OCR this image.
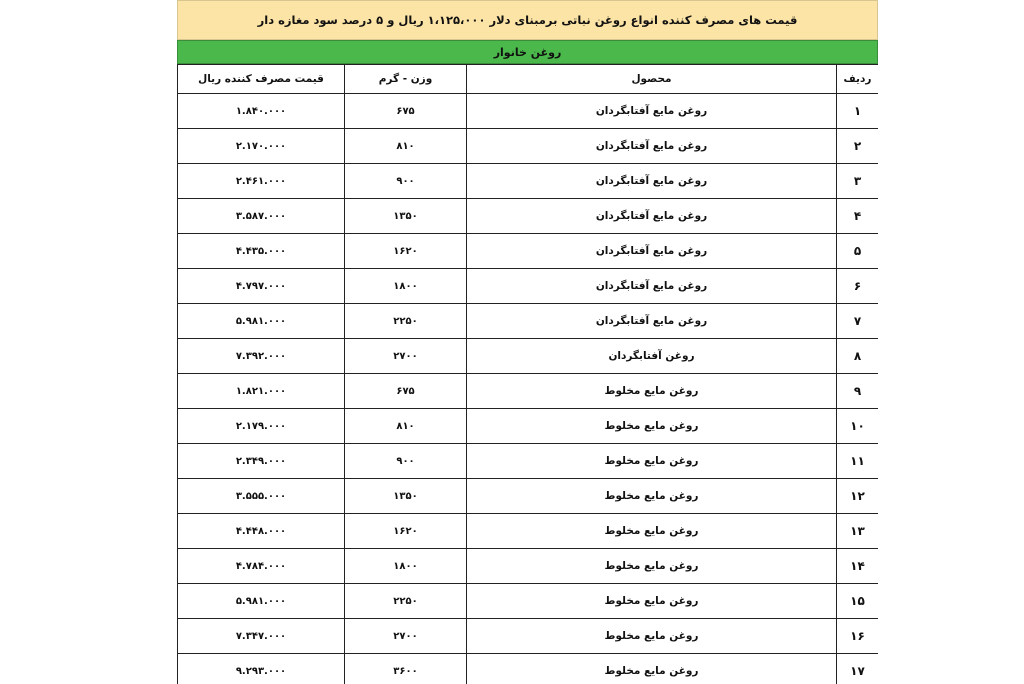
قیمت های مصرف کننده انواع روغن نباتی برمبنای دلار ۱،۱۲۵،۰۰۰ ریال و ۵ درصد سود مغازه دار
روغن خانوار
ردیف	محصول	وزن - گرم	قیمت مصرف کننده ریال
۱	روغن مایع آفتابگردان	۶۷۵	۱.۸۴۰.۰۰۰
۲	روغن مایع آفتابگردان	۸۱۰	۲.۱۷۰.۰۰۰
۳	روغن مایع آفتابگردان	۹۰۰	۲.۴۶۱.۰۰۰
۴	روغن مایع آفتابگردان	۱۳۵۰	۳.۵۸۷.۰۰۰
۵	روغن مایع آفتابگردان	۱۶۲۰	۴.۴۳۵.۰۰۰
۶	روغن مایع آفتابگردان	۱۸۰۰	۴.۷۹۷.۰۰۰
۷	روغن مایع آفتابگردان	۲۲۵۰	۵.۹۸۱.۰۰۰
۸	روغن آفتابگردان	۲۷۰۰	۷.۳۹۲.۰۰۰
۹	روغن مایع مخلوط	۶۷۵	۱.۸۲۱.۰۰۰
۱۰	روغن مایع مخلوط	۸۱۰	۲.۱۷۹.۰۰۰
۱۱	روغن مایع مخلوط	۹۰۰	۲.۳۴۹.۰۰۰
۱۲	روغن مایع مخلوط	۱۳۵۰	۳.۵۵۵.۰۰۰
۱۳	روغن مایع مخلوط	۱۶۲۰	۴.۴۴۸.۰۰۰
۱۴	روغن مایع مخلوط	۱۸۰۰	۴.۷۸۴.۰۰۰
۱۵	روغن مایع مخلوط	۲۲۵۰	۵.۹۸۱.۰۰۰
۱۶	روغن مایع مخلوط	۲۷۰۰	۷.۳۴۷.۰۰۰
۱۷	روغن مایع مخلوط	۳۶۰۰	۹.۲۹۳.۰۰۰
